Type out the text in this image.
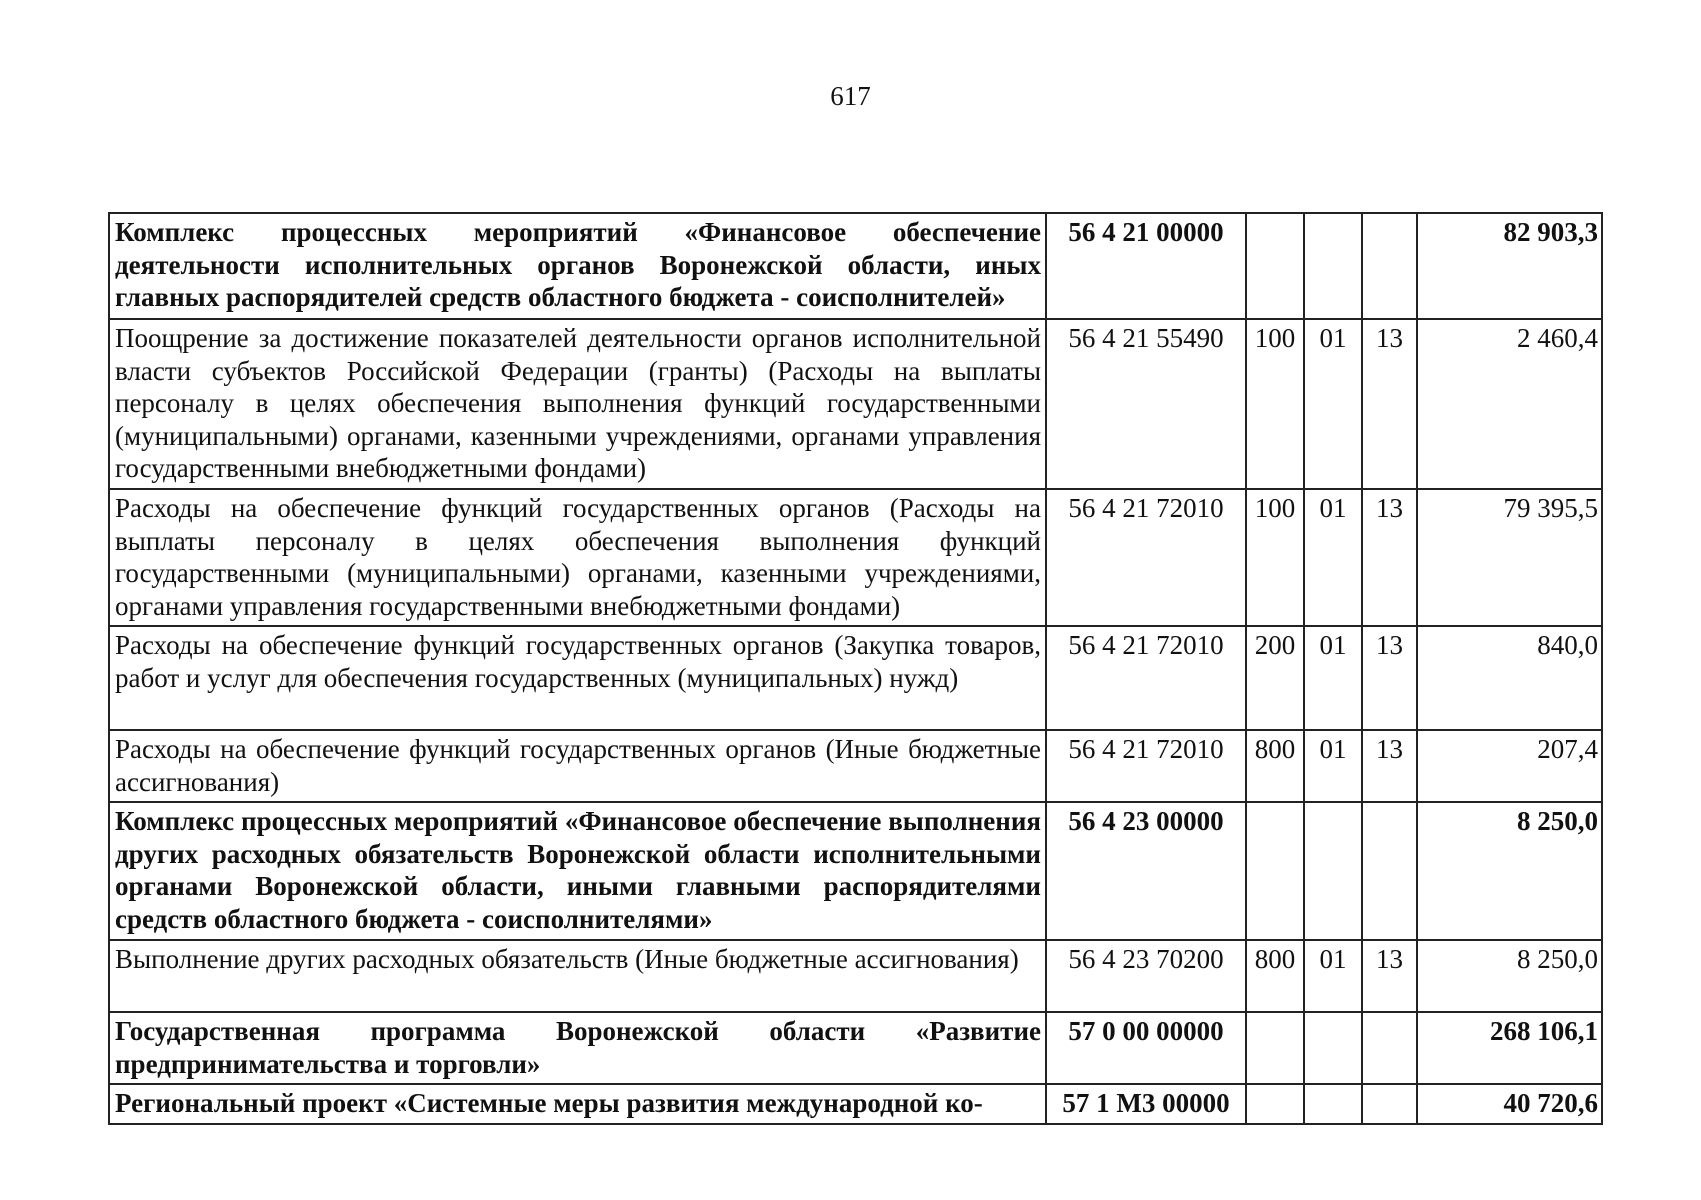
617
Комплекс процессных мероприятий «Финансовое обеспечение деятельности исполнительных органов Воронежской области, иных главных распорядителей средств областного бюджета - соисполнителей»	56 4 21 00000				82 903,3
Поощрение за достижение показателей деятельности органов исполнительной власти субъектов Российской Федерации (гранты) (Расходы на выплаты персоналу в целях обеспечения выполнения функций государственными (муниципальными) органами, казенными учреждениями, органами управления государственными внебюджетными фондами)	56 4 21 55490	100	01	13	2 460,4
Расходы на обеспечение функций государственных органов (Расходы на выплаты персоналу в целях обеспечения выполнения функций государственными (муниципальными) органами, казенными учреждениями, органами управления государственными внебюджетными фондами)	56 4 21 72010	100	01	13	79 395,5
Расходы на обеспечение функций государственных органов (Закупка товаров, работ и услуг для обеспечения государственных (муниципальных) нужд)	56 4 21 72010	200	01	13	840,0
Расходы на обеспечение функций государственных органов (Иные бюджетные ассигнования)	56 4 21 72010	800	01	13	207,4
Комплекс процессных мероприятий «Финансовое обеспечение выполнения других расходных обязательств Воронежской области исполнительными органами Воронежской области, иными главными распорядителями средств областного бюджета - соисполнителями»	56 4 23 00000				8 250,0
Выполнение других расходных обязательств (Иные бюджетные ассигнования)	56 4 23 70200	800	01	13	8 250,0
Государственная программа Воронежской области «Развитие предпринимательства и торговли»	57 0 00 00000				268 106,1
Региональный проект «Системные меры развития международной ко-	57 1 M3 00000				40 720,6
